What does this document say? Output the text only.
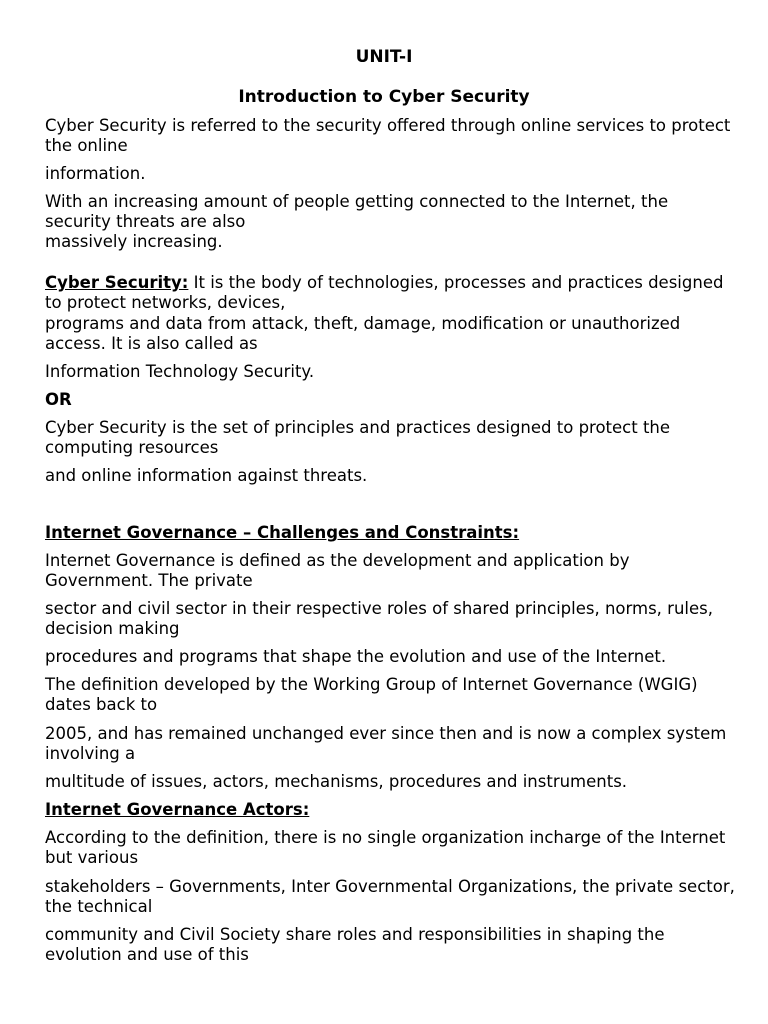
UNIT-I

Introduction to Cyber Security

Cyber Security is referred to the security offered through online services to protect the online

information.

With an increasing amount of people getting connected to the Internet, the security threats are also

massively increasing.

Cyber Security: It is the body of technologies, processes and practices designed to protect networks, devices,

programs and data from attack, theft, damage, modification or unauthorized access. It is also called as

Information Technology Security.

OR

Cyber Security is the set of principles and practices designed to protect the computing resources

and online information against threats.

Internet Governance – Challenges and Constraints:

Internet Governance is defined as the development and application by Government. The private

sector and civil sector in their respective roles of shared principles, norms, rules, decision making

procedures and programs that shape the evolution and use of the Internet.

The definition developed by the Working Group of Internet Governance (WGIG) dates back to

2005, and has remained unchanged ever since then and is now a complex system involving a

multitude of issues, actors, mechanisms, procedures and instruments.

Internet Governance Actors:

According to the definition, there is no single organization incharge of the Internet but various

stakeholders – Governments, Inter Governmental Organizations, the private sector, the technical

community and Civil Society share roles and responsibilities in shaping the evolution and use of this
